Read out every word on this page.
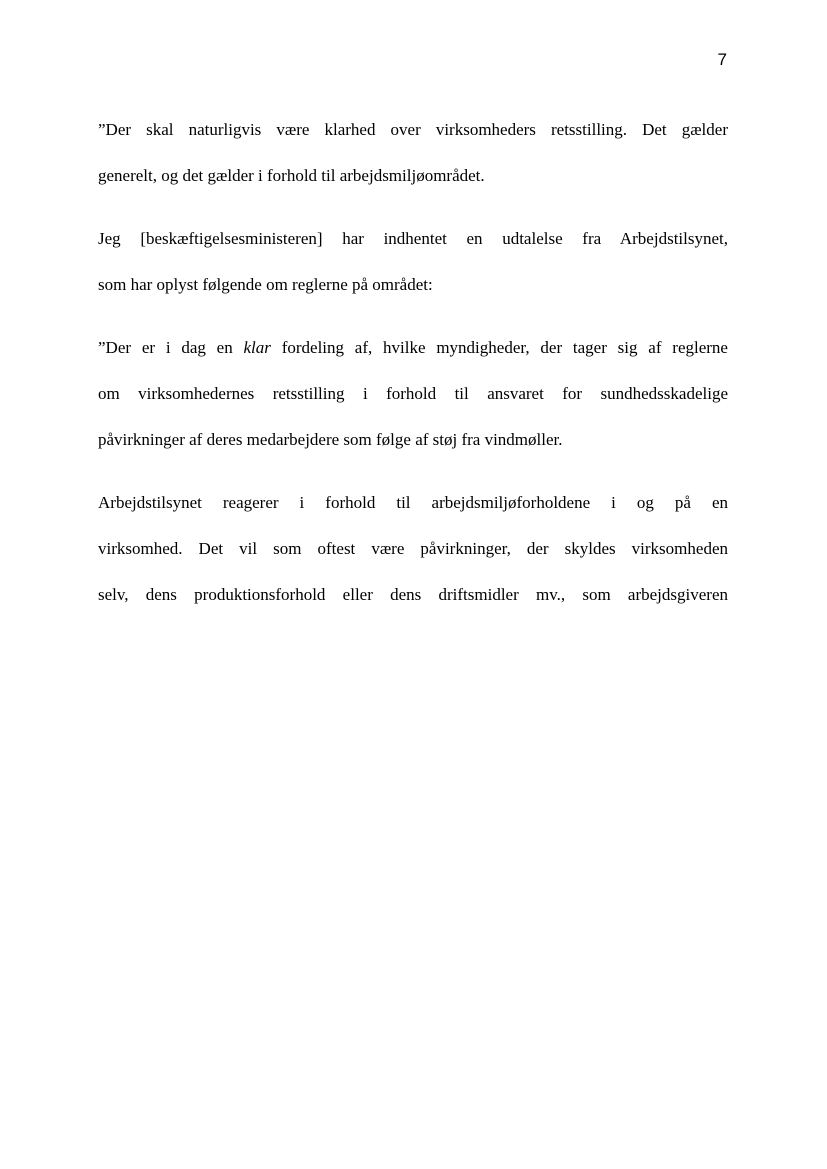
7
”Der skal naturligvis være klarhed over virksomheders retsstilling. Det gælder
generelt, og det gælder i forhold til arbejdsmiljøområdet.
Jeg [beskæftigelsesministeren] har indhentet en udtalelse fra Arbejdstilsynet,
som har oplyst følgende om reglerne på området:
”Der er i dag en klar fordeling af, hvilke myndigheder, der tager sig af reglerne
om virksomhedernes retsstilling i forhold til ansvaret for sundhedsskadelige
påvirkninger af deres medarbejdere som følge af støj fra vindmøller.
Arbejdstilsynet reagerer i forhold til arbejdsmiljøforholdene i og på en
virksomhed. Det vil som oftest være påvirkninger, der skyldes virksomheden
selv, dens produktionsforhold eller dens driftsmidler mv., som arbejdsgiveren
